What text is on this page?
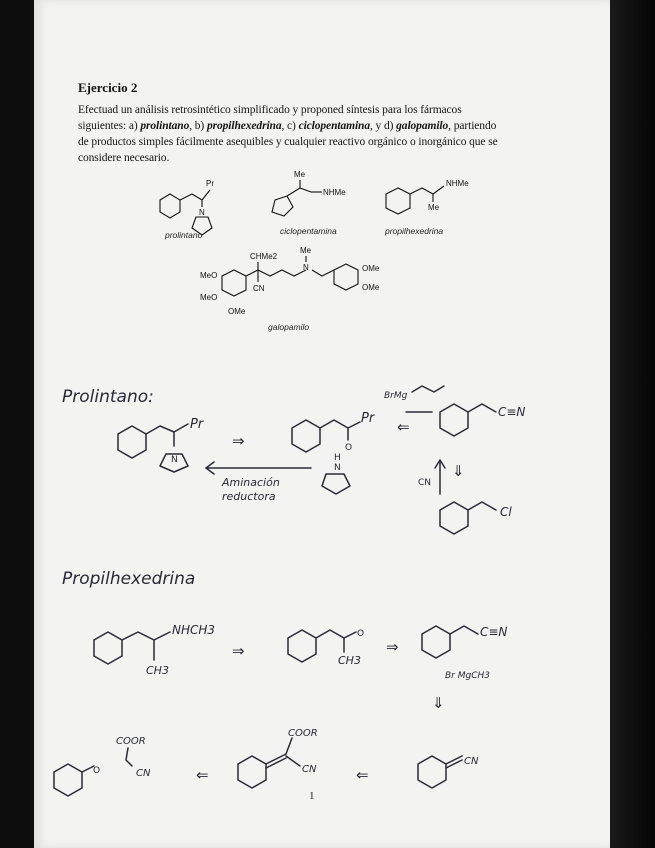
Ejercicio 2
Efectuad un análisis retrosintético simplificado y proponed síntesis para los fármacos
siguientes: a) prolintano, b) propilhexedrina, c) ciclopentamina, y d) galopamilo, partiendo
de productos simples fácilmente asequibles y cualquier reactivo orgánico o inorgánico que se
considere necesario.
prolintano	ciclopentamina	propilhexedrina
galopamilo
1
Pr
N
Me
NHMe
NHMe
Me
CHMe2
CN
N
Me
OMe
OMe
MeO
MeO
OMe
Prolintano:
Pr
N
⇒	O
Pr
BrMg
⇐
C≡N
Aminación
reductora
H
N	⇓
CN
Cl
Propilhexedrina
NHCH3
CH3
⇒
O
CH3
⇒
C≡N
Br MgCH3
⇓
O
COOR
CN	⇐
COOR
CN	⇐
CN
